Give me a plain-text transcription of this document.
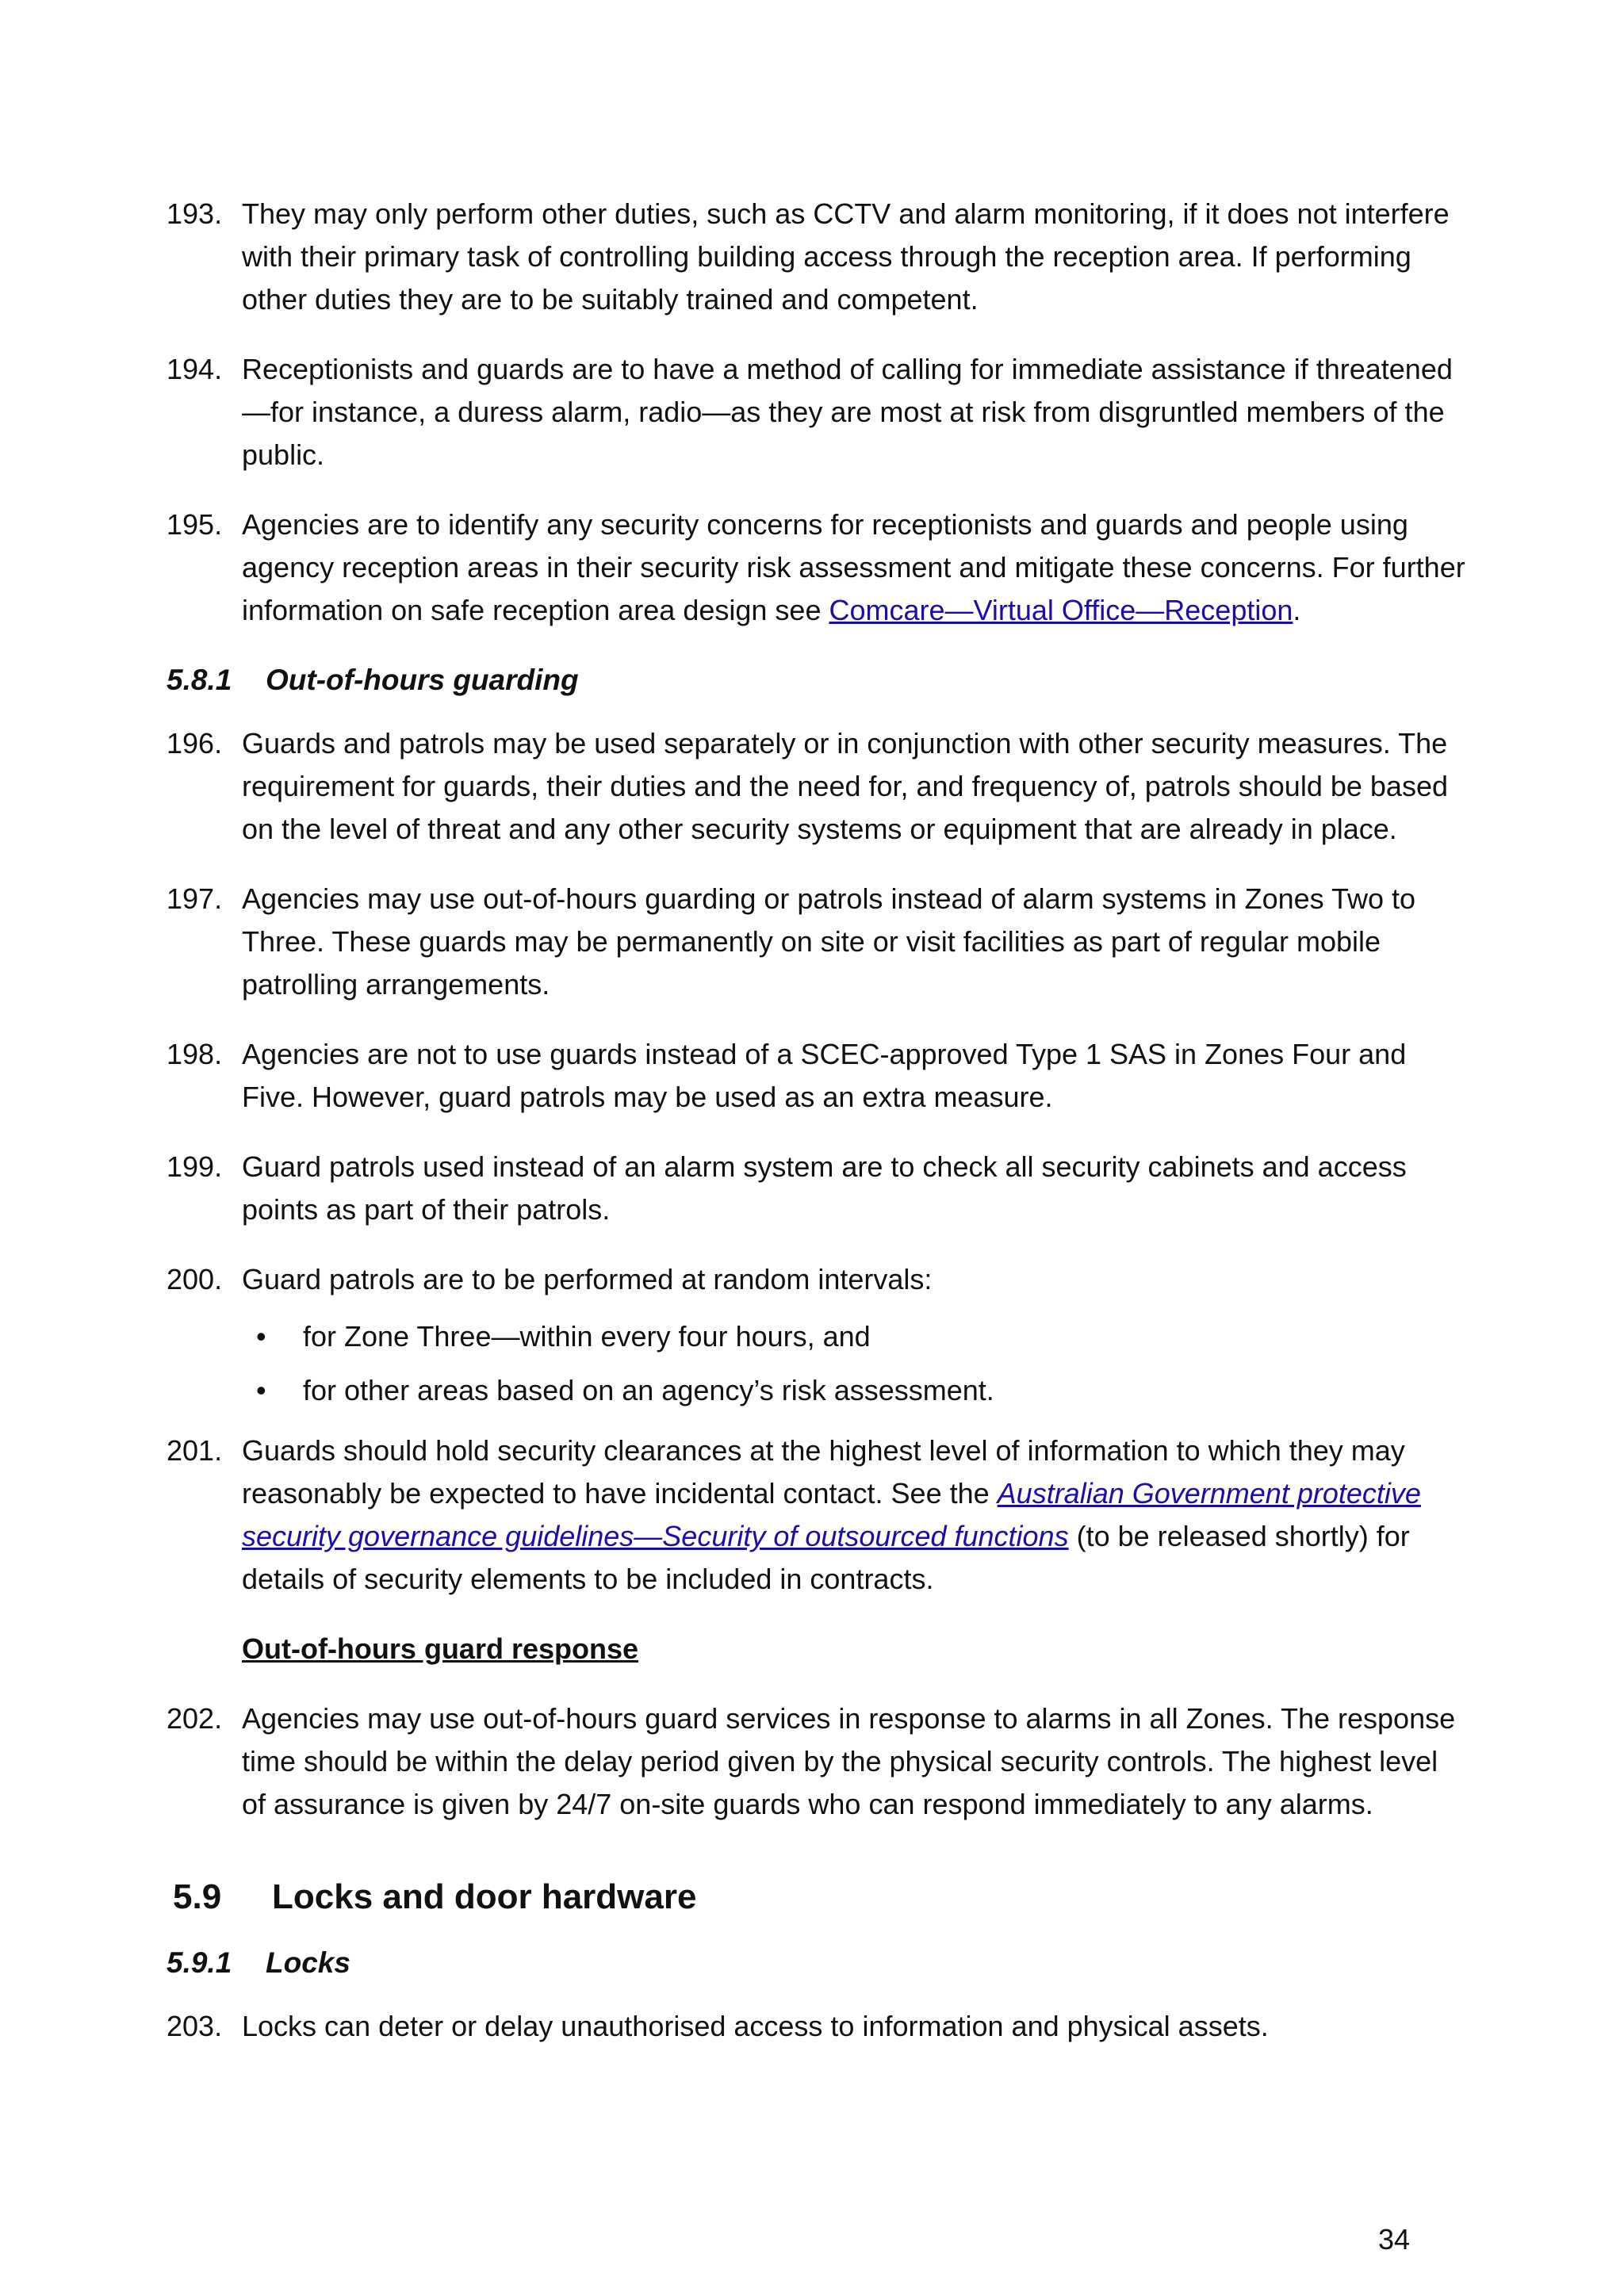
193. They may only perform other duties, such as CCTV and alarm monitoring, if it does not interfere with their primary task of controlling building access through the reception area. If performing other duties they are to be suitably trained and competent.

194. Receptionists and guards are to have a method of calling for immediate assistance if threatened—for instance, a duress alarm, radio—as they are most at risk from disgruntled members of the public.

195. Agencies are to identify any security concerns for receptionists and guards and people using agency reception areas in their security risk assessment and mitigate these concerns. For further information on safe reception area design see Comcare—Virtual Office—Reception.

5.8.1 Out-of-hours guarding

196. Guards and patrols may be used separately or in conjunction with other security measures. The requirement for guards, their duties and the need for, and frequency of, patrols should be based on the level of threat and any other security systems or equipment that are already in place.

197. Agencies may use out-of-hours guarding or patrols instead of alarm systems in Zones Two to Three. These guards may be permanently on site or visit facilities as part of regular mobile patrolling arrangements.

198. Agencies are not to use guards instead of a SCEC-approved Type 1 SAS in Zones Four and Five. However, guard patrols may be used as an extra measure.

199. Guard patrols used instead of an alarm system are to check all security cabinets and access points as part of their patrols.

200. Guard patrols are to be performed at random intervals:

• for Zone Three—within every four hours, and
• for other areas based on an agency’s risk assessment.

201. Guards should hold security clearances at the highest level of information to which they may reasonably be expected to have incidental contact. See the Australian Government protective security governance guidelines—Security of outsourced functions (to be released shortly) for details of security elements to be included in contracts.

Out-of-hours guard response

202. Agencies may use out-of-hours guard services in response to alarms in all Zones. The response time should be within the delay period given by the physical security controls. The highest level of assurance is given by 24/7 on-site guards who can respond immediately to any alarms.

5.9 Locks and door hardware
5.9.1 Locks

203. Locks can deter or delay unauthorised access to information and physical assets.

34
